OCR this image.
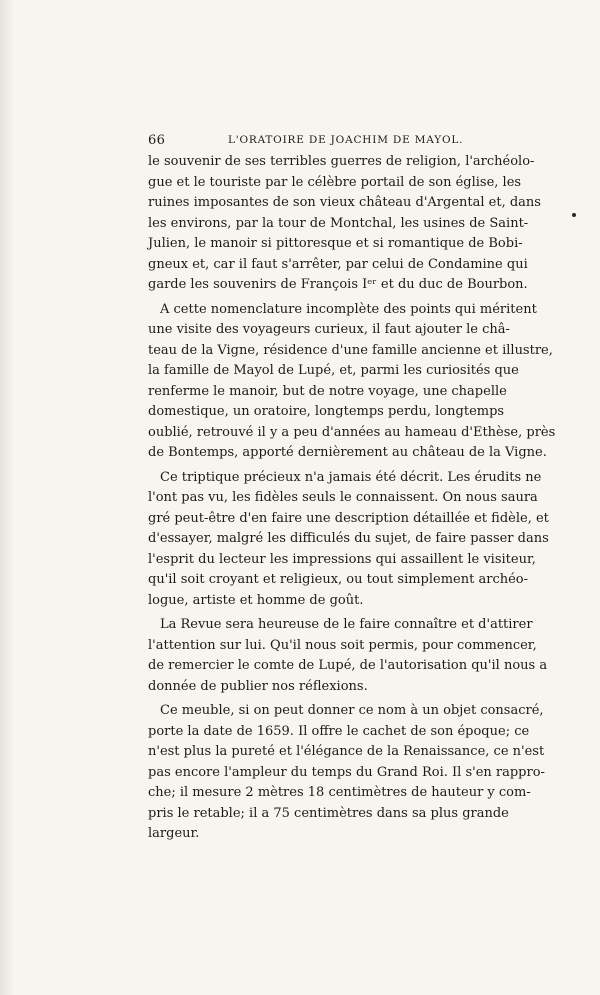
66	L'ORATOIRE DE JOACHIM DE MAYOL.
le souvenir de ses terribles guerres de religion, l'archéolo-
gue et le touriste par le célèbre portail de son église, les
ruines imposantes de son vieux château d'Argental et, dans
les environs, par la tour de Montchal, les usines de Saint-
Julien, le manoir si pittoresque et si romantique de Bobi-
gneux et, car il faut s'arrêter, par celui de Condamine qui
garde les souvenirs de François Iᵉʳ et du duc de Bourbon.
A cette nomenclature incomplète des points qui méritent
une visite des voyageurs curieux, il faut ajouter le châ-
teau de la Vigne, résidence d'une famille ancienne et illustre,
la famille de Mayol de Lupé, et, parmi les curiosités que
renferme le manoir, but de notre voyage, une chapelle
domestique, un oratoire, longtemps perdu, longtemps
oublié, retrouvé il y a peu d'années au hameau d'Ethèse, près
de Bontemps, apporté dernièrement au château de la Vigne.
Ce triptique précieux n'a jamais été décrit. Les érudits ne
l'ont pas vu, les fidèles seuls le connaissent. On nous saura
gré peut-être d'en faire une description détaillée et fidèle, et
d'essayer, malgré les difficulés du sujet, de faire passer dans
l'esprit du lecteur les impressions qui assaillent le visiteur,
qu'il soit croyant et religieux, ou tout simplement archéo-
logue, artiste et homme de goût.
La Revue sera heureuse de le faire connaître et d'attirer
l'attention sur lui. Qu'il nous soit permis, pour commencer,
de remercier le comte de Lupé, de l'autorisation qu'il nous a
donnée de publier nos réflexions.
Ce meuble, si on peut donner ce nom à un objet consacré,
porte la date de 1659. Il offre le cachet de son époque; ce
n'est plus la pureté et l'élégance de la Renaissance, ce n'est
pas encore l'ampleur du temps du Grand Roi. Il s'en rappro-
che; il mesure 2 mètres 18 centimètres de hauteur y com-
pris le retable; il a 75 centimètres dans sa plus grande
largeur.
